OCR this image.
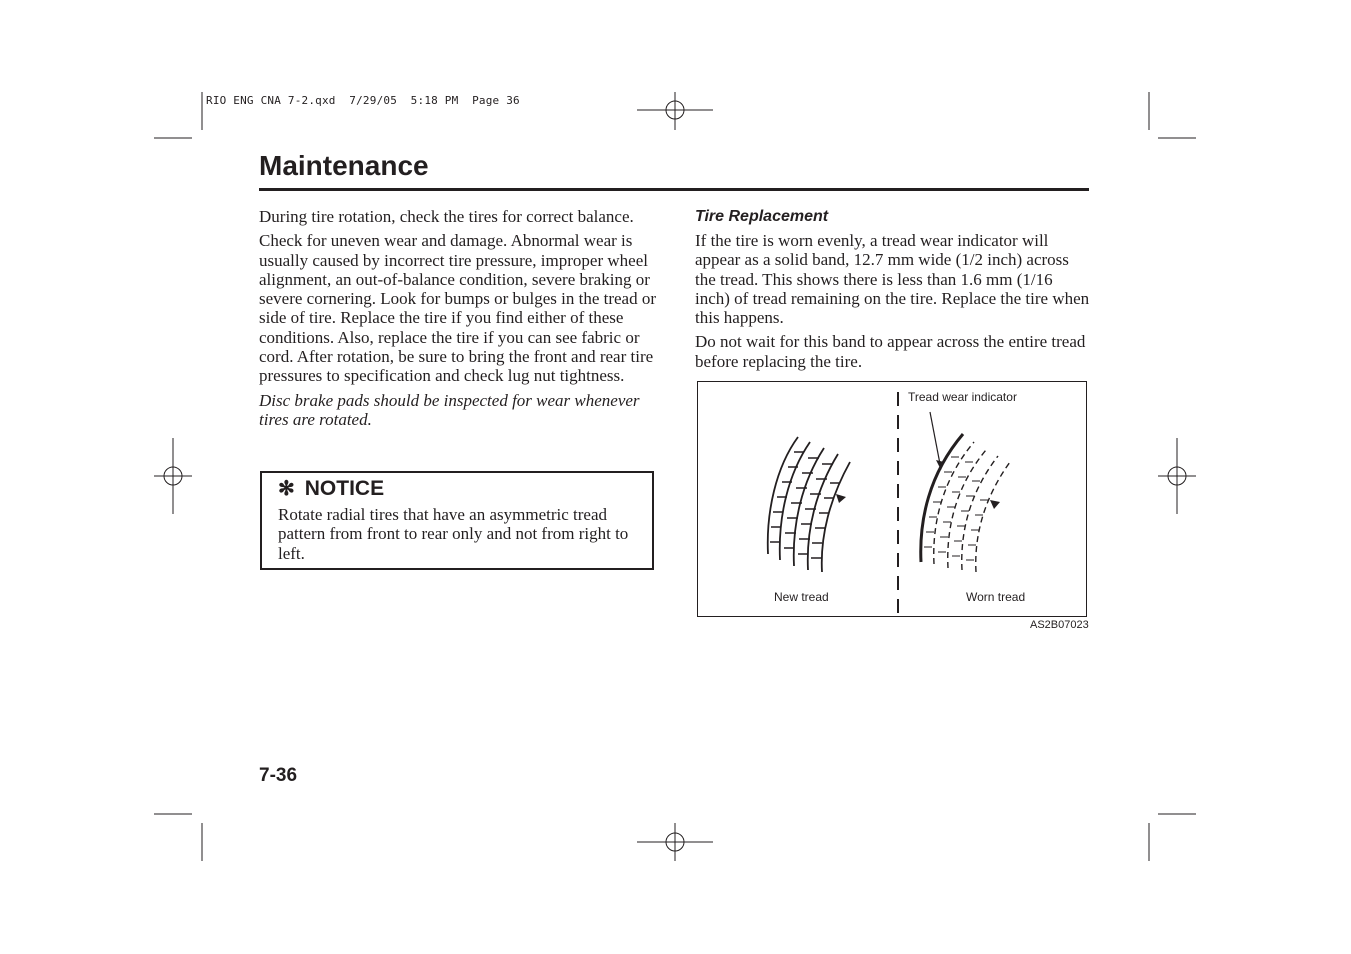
RIO ENG CNA 7-2.qxd  7/29/05  5:18 PM  Page 36
Maintenance

During tire rotation, check the tires for correct balance.

Check for uneven wear and damage. Abnormal wear is usually caused by incorrect tire pressure, improper wheel alignment, an out-of-balance condition, severe braking or severe cornering. Look for bumps or bulges in the tread or side of tire. Replace the tire if you find either of these conditions. Also, replace the tire if you can see fabric or cord. After rotation, be sure to bring the front and rear tire pressures to specification and check lug nut tightness.

Disc brake pads should be inspected for wear whenever tires are rotated.

✻ NOTICE
Rotate radial tires that have an asymmetric tread pattern from front to rear only and not from right to left.
Tire Replacement

If the tire is worn evenly, a tread wear indicator will appear as a solid band, 12.7 mm wide (1/2 inch) across the tread. This shows there is less than 1.6 mm (1/16 inch) of tread remaining on the tire. Replace the tire when this happens.

Do not wait for this band to appear across the entire tread before replacing the tire.

Tread wear indicator
New tread	Worn tread
AS2B07023
7-36
